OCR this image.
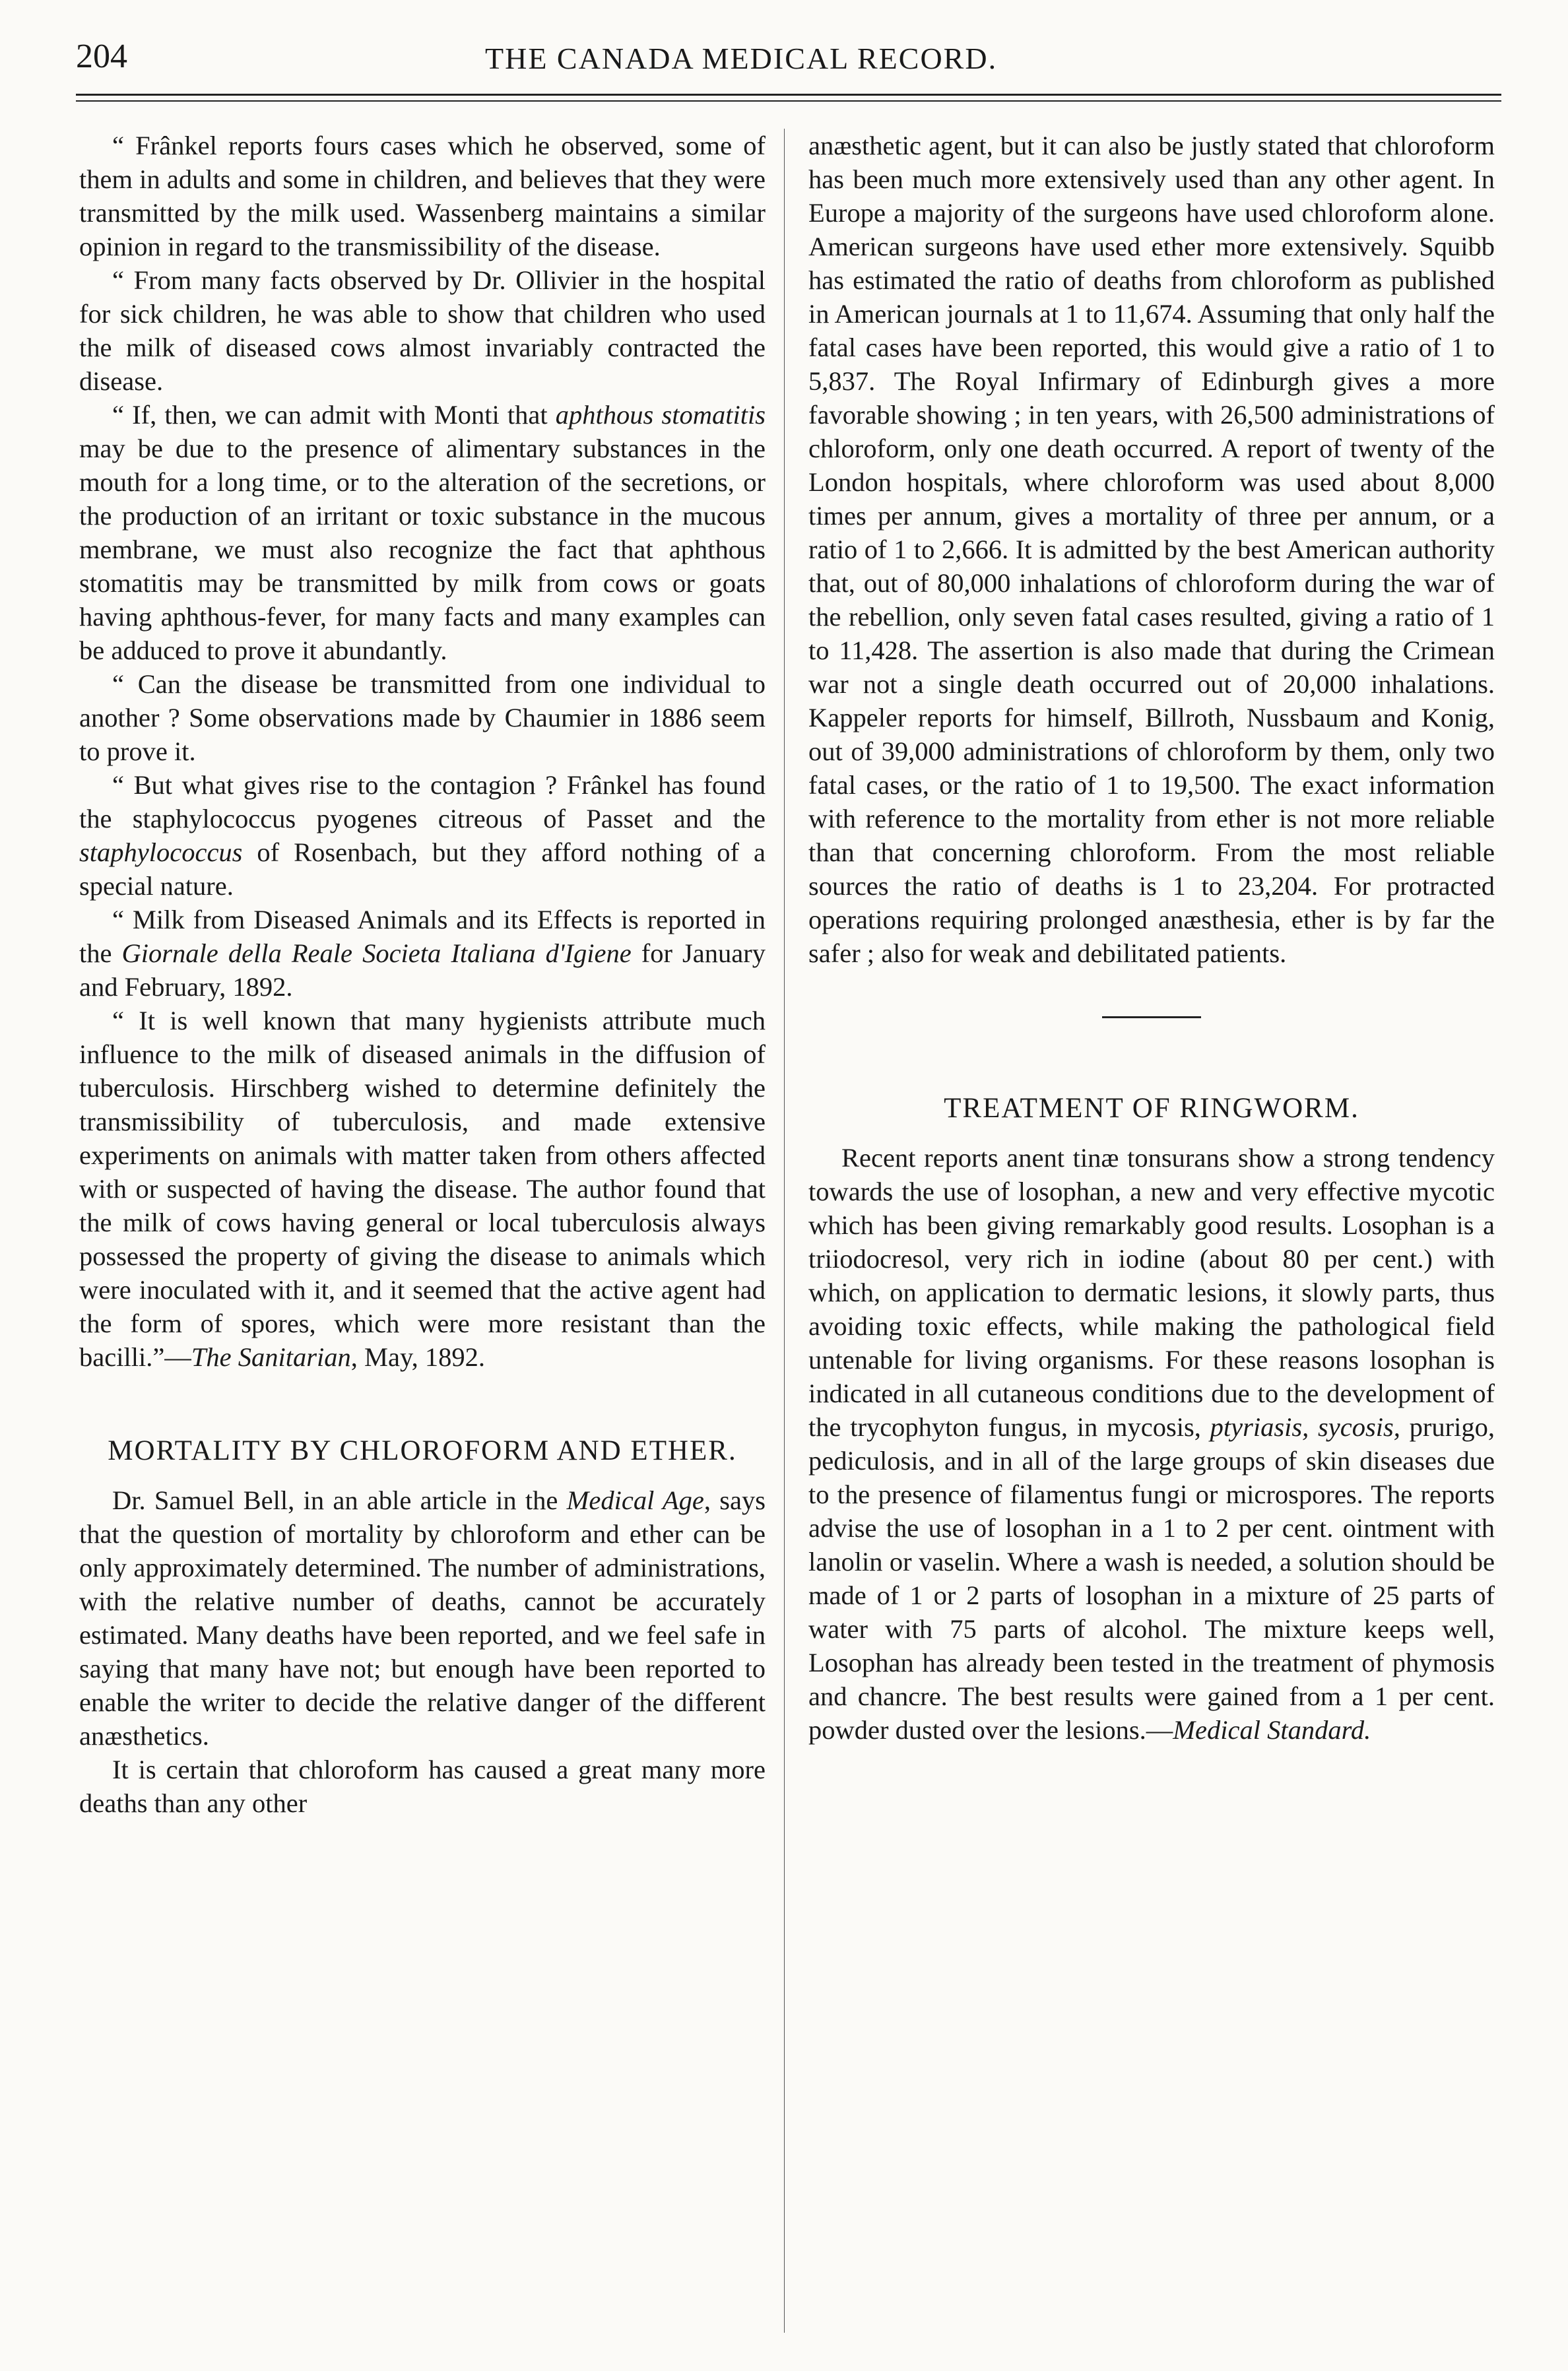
204	THE CANADA MEDICAL RECORD.

“ Frânkel reports fours cases which he observed, some of them in adults and some in children, and believes that they were transmitted by the milk used. Wassenberg maintains a similar opinion in regard to the transmissibility of the disease.

“ From many facts observed by Dr. Ollivier in the hospital for sick children, he was able to show that children who used the milk of diseased cows almost invariably contracted the disease.

“ If, then, we can admit with Monti that aphthous stomatitis may be due to the presence of alimentary substances in the mouth for a long time, or to the alteration of the secretions, or the production of an irritant or toxic substance in the mucous membrane, we must also recognize the fact that aphthous stomatitis may be transmitted by milk from cows or goats having aphthous-fever, for many facts and many examples can be adduced to prove it abundantly.

“ Can the disease be transmitted from one individual to another ? Some observations made by Chaumier in 1886 seem to prove it.

“ But what gives rise to the contagion ? Frânkel has found the staphylococcus pyogenes citreous of Passet and the staphylococcus of Rosenbach, but they afford nothing of a special nature.

“ Milk from Diseased Animals and its Effects is reported in the Giornale della Reale Societa Italiana d'Igiene for January and February, 1892.

“ It is well known that many hygienists attribute much influence to the milk of diseased animals in the diffusion of tuberculosis. Hirschberg wished to determine definitely the transmissibility of tuberculosis, and made extensive experiments on animals with matter taken from others affected with or suspected of having the disease. The author found that the milk of cows having general or local tuberculosis always possessed the property of giving the disease to animals which were inoculated with it, and it seemed that the active agent had the form of spores, which were more resistant than the bacilli.”—The Sanitarian, May, 1892.

MORTALITY BY CHLOROFORM AND ETHER.

Dr. Samuel Bell, in an able article in the Medical Age, says that the question of mortality by chloroform and ether can be only approximately determined. The number of administrations, with the relative number of deaths, cannot be accurately estimated. Many deaths have been reported, and we feel safe in saying that many have not; but enough have been reported to enable the writer to decide the relative danger of the different anæsthetics.

It is certain that chloroform has caused a great many more deaths than any other

anæsthetic agent, but it can also be justly stated that chloroform has been much more extensively used than any other agent. In Europe a majority of the surgeons have used chloroform alone. American surgeons have used ether more extensively. Squibb has estimated the ratio of deaths from chloroform as published in American journals at 1 to 11,674. Assuming that only half the fatal cases have been reported, this would give a ratio of 1 to 5,837. The Royal Infirmary of Edinburgh gives a more favorable showing ; in ten years, with 26,500 administrations of chloroform, only one death occurred. A report of twenty of the London hospitals, where chloroform was used about 8,000 times per annum, gives a mortality of three per annum, or a ratio of 1 to 2,666. It is admitted by the best American authority that, out of 80,000 inhalations of chloroform during the war of the rebellion, only seven fatal cases resulted, giving a ratio of 1 to 11,428. The assertion is also made that during the Crimean war not a single death occurred out of 20,000 inhalations. Kappeler reports for himself, Billroth, Nussbaum and Konig, out of 39,000 administrations of chloroform by them, only two fatal cases, or the ratio of 1 to 19,500. The exact information with reference to the mortality from ether is not more reliable than that concerning chloroform. From the most reliable sources the ratio of deaths is 1 to 23,204. For protracted operations requiring prolonged anæsthesia, ether is by far the safer ; also for weak and debilitated patients.

TREATMENT OF RINGWORM.

Recent reports anent tinæ tonsurans show a strong tendency towards the use of losophan, a new and very effective mycotic which has been giving remarkably good results. Losophan is a triiodocresol, very rich in iodine (about 80 per cent.) with which, on application to dermatic lesions, it slowly parts, thus avoiding toxic effects, while making the pathological field untenable for living organisms. For these reasons losophan is indicated in all cutaneous conditions due to the development of the trycophyton fungus, in mycosis, ptyriasis, sycosis, prurigo, pediculosis, and in all of the large groups of skin diseases due to the presence of filamentus fungi or microspores. The reports advise the use of losophan in a 1 to 2 per cent. ointment with lanolin or vaselin. Where a wash is needed, a solution should be made of 1 or 2 parts of losophan in a mixture of 25 parts of water with 75 parts of alcohol. The mixture keeps well, Losophan has already been tested in the treatment of phymosis and chancre. The best results were gained from a 1 per cent. powder dusted over the lesions.—Medical Standard.
